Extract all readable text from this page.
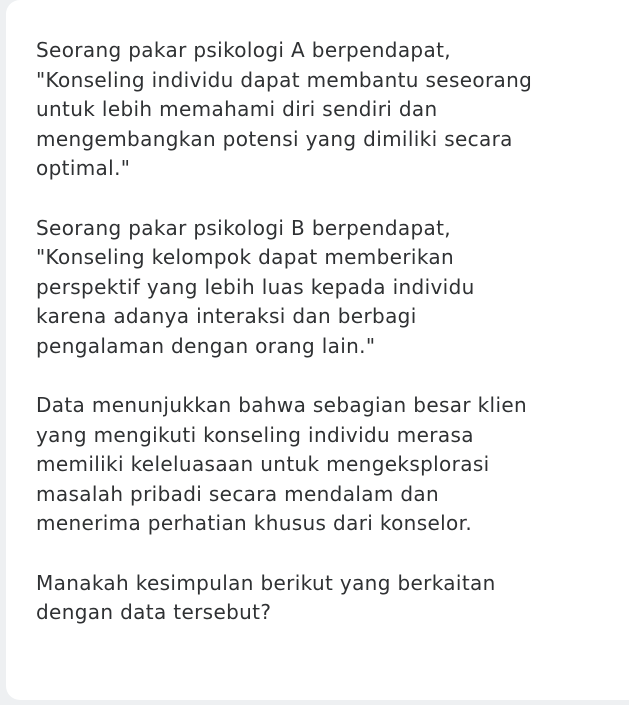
Seorang pakar psikologi A berpendapat,
"Konseling individu dapat membantu seseorang
untuk lebih memahami diri sendiri dan
mengembangkan potensi yang dimiliki secara
optimal."

Seorang pakar psikologi B berpendapat,
"Konseling kelompok dapat memberikan
perspektif yang lebih luas kepada individu
karena adanya interaksi dan berbagi
pengalaman dengan orang lain."

Data menunjukkan bahwa sebagian besar klien
yang mengikuti konseling individu merasa
memiliki keleluasaan untuk mengeksplorasi
masalah pribadi secara mendalam dan
menerima perhatian khusus dari konselor.

Manakah kesimpulan berikut yang berkaitan
dengan data tersebut?
